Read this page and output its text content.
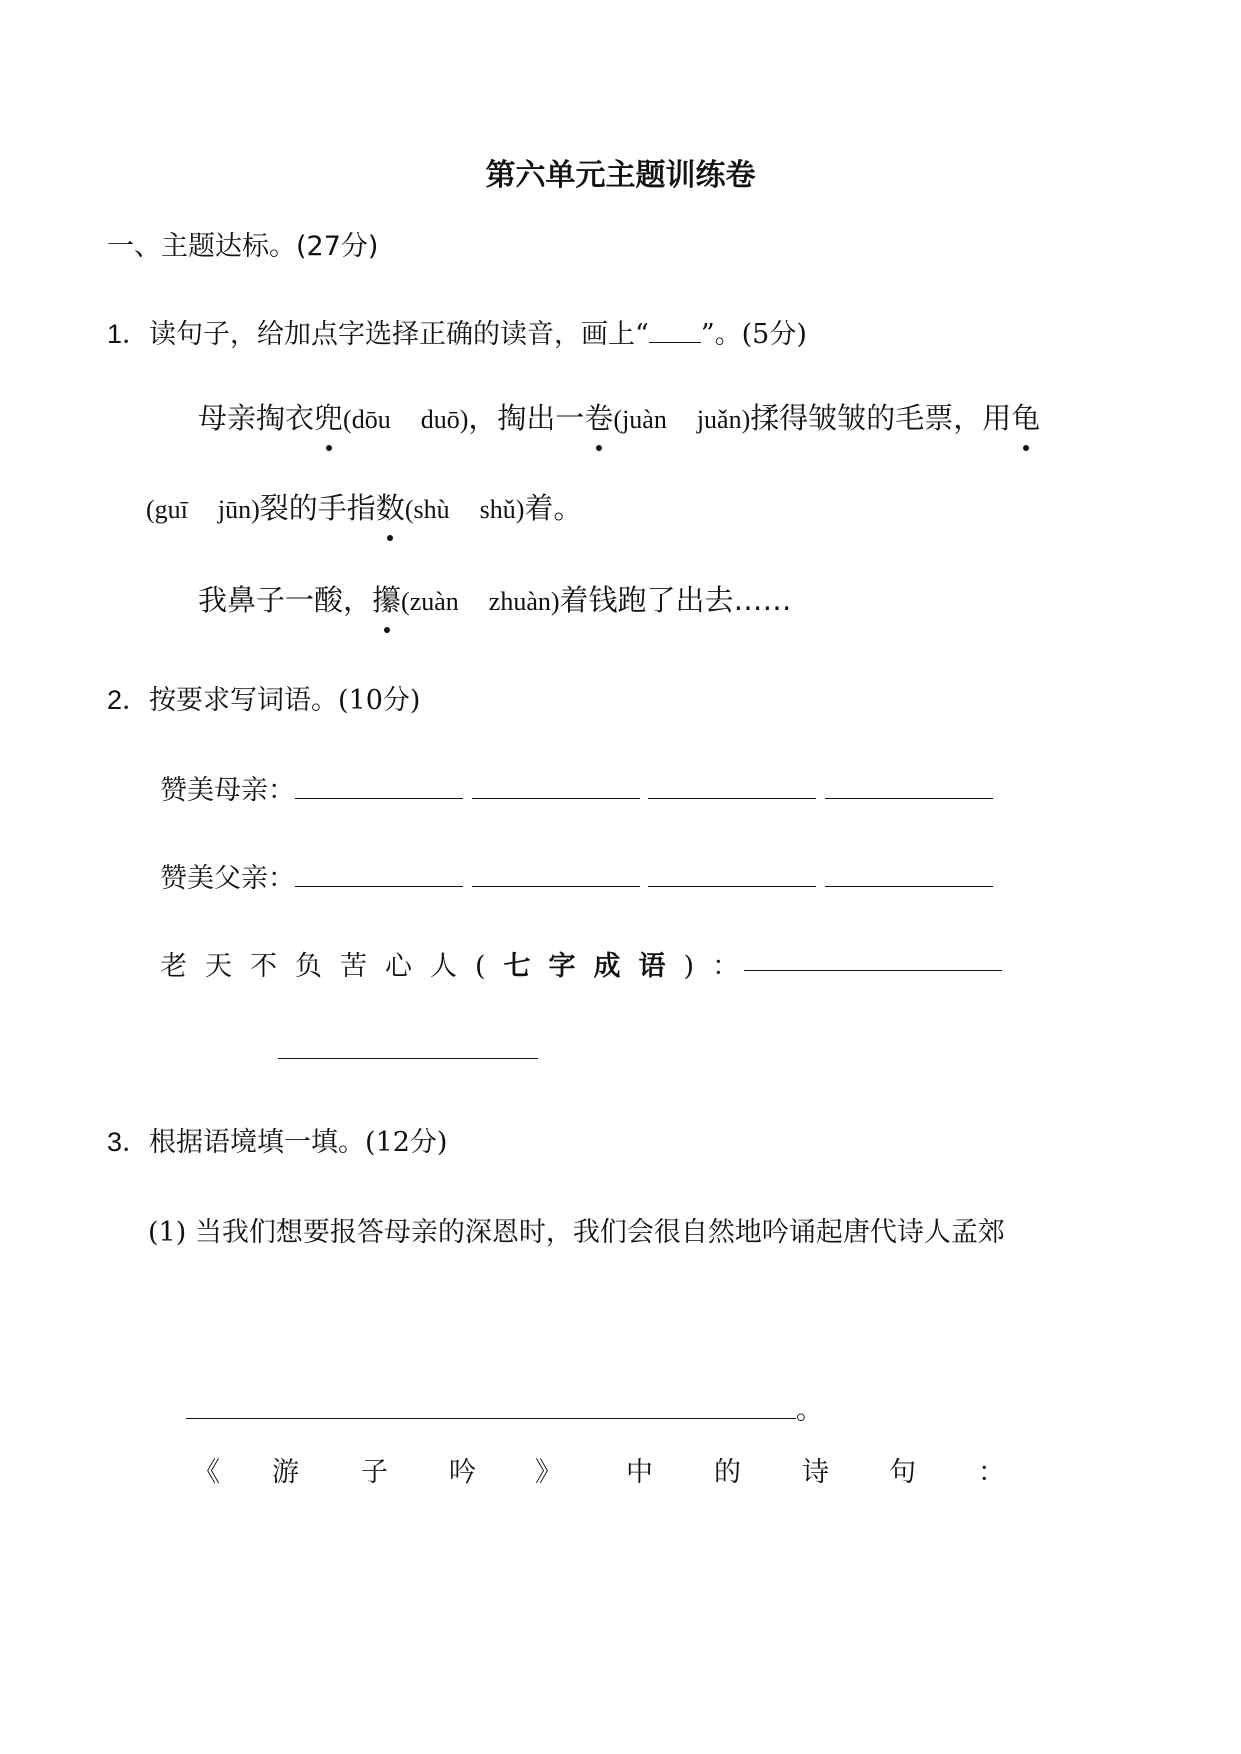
第六单元主题训练卷
一、主题达标。(27分)
1．读句子，给加点字选择正确的读音，画上“ ”。(5分)
母亲掏衣兜(dōu duō)，掏出一卷(juàn juǎn)揉得皱皱的毛票，用龟
(guī jūn)裂的手指数(shù shǔ)着。
我鼻子一酸，攥(zuàn zhuàn)着钱跑了出去……
2．按要求写词语。(10分)
赞美母亲：
赞美父亲：
老天不负苦心人(七字成语)：
3．根据语境填一填。(12分)
(1) 当我们想要报答母亲的深恩时，我们会很自然地吟诵起唐代诗人孟郊
《 游 子 吟 》 中 的 诗 句 ：
。
